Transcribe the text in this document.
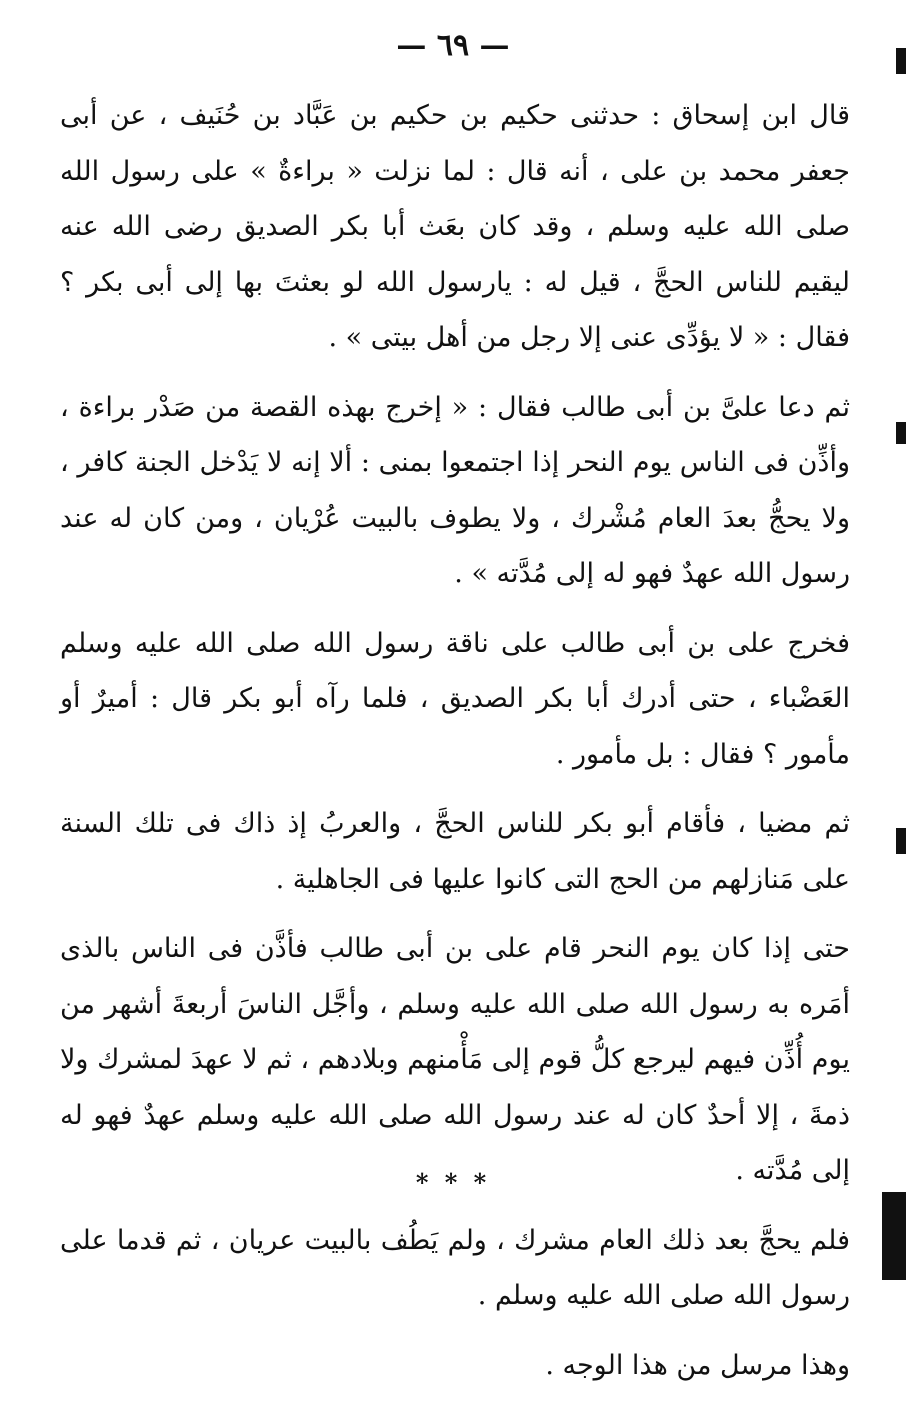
— ٦٩ —

قال ابن إسحاق : حدثنى حكيم بن حكيم بن عَبَّاد بن حُنَيف ، عن أبى جعفر محمد بن على ، أنه قال : لما نزلت « براءةٌ » على رسول الله صلى الله عليه وسلم ، وقد كان بعَث أبا بكر الصديق رضى الله عنه ليقيم للناس الحجَّ ، قيل له : يارسول الله لو بعثتَ بها إلى أبى بكر ؟ فقال : « لا يؤدِّى عنى إلا رجل من أهل بيتى » .

ثم دعا علىَّ بن أبى طالب فقال : « إخرج بهذه القصة من صَدْر براءة ، وأذِّن فى الناس يوم النحر إذا اجتمعوا بمنى : ألا إنه لا يَدْخل الجنة كافر ، ولا يحجُّ بعدَ العام مُشْرك ، ولا يطوف بالبيت عُرْيان ، ومن كان له عند رسول الله عهدٌ فهو له إلى مُدَّته » .

فخرج على بن أبى طالب على ناقة رسول الله صلى الله عليه وسلم العَضْباء ، حتى أدرك أبا بكر الصديق ، فلما رآه أبو بكر قال : أميرٌ أو مأمور ؟ فقال : بل مأمور .

ثم مضيا ، فأقام أبو بكر للناس الحجَّ ، والعربُ إذ ذاك فى تلك السنة على مَنازلهم من الحج التى كانوا عليها فى الجاهلية .

حتى إذا كان يوم النحر قام على بن أبى طالب فأذَّن فى الناس بالذى أمَره به رسول الله صلى الله عليه وسلم ، وأجَّل الناسَ أربعةَ أشهر من يوم أُذِّن فيهم ليرجع كلُّ قوم إلى مَأْمنهم وبلادهم ، ثم لا عهدَ لمشرك ولا ذمةَ ، إلا أحدٌ كان له عند رسول الله صلى الله عليه وسلم عهدٌ فهو له إلى مُدَّته .

فلم يحجَّ بعد ذلك العام مشرك ، ولم يَطُف بالبيت عريان ، ثم قدما على رسول الله صلى الله عليه وسلم .

وهذا مرسل من هذا الوجه .

* * *
